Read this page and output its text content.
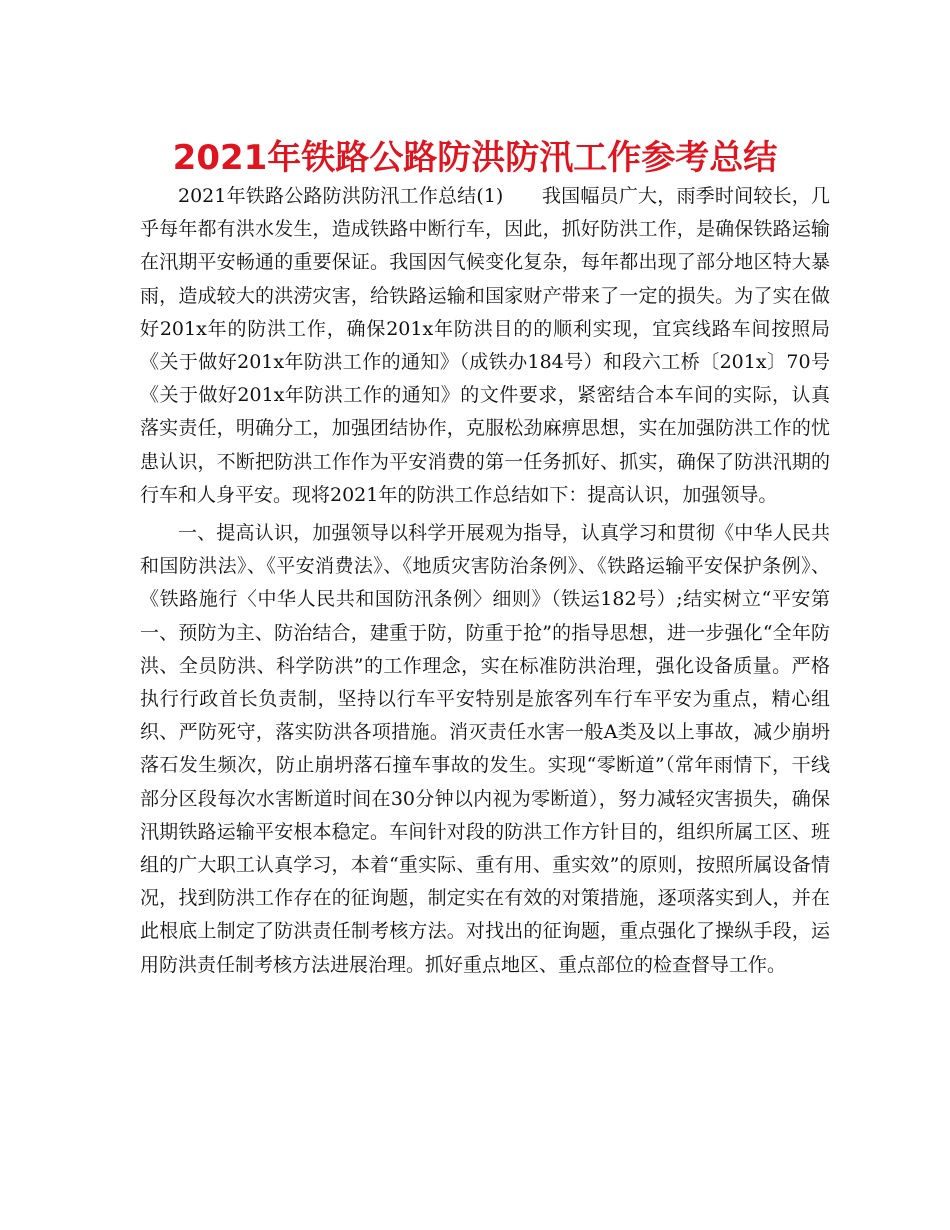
2021年铁路公路防洪防汛工作参考总结

2021年铁路公路防洪防汛工作总结(1)　　我国幅员广大，雨季时间较长，几乎每年都有洪水发生，造成铁路中断行车，因此，抓好防洪工作，是确保铁路运输在汛期平安畅通的重要保证。我国因气候变化复杂，每年都出现了部分地区特大暴雨，造成较大的洪涝灾害，给铁路运输和国家财产带来了一定的损失。为了实在做好201x年的防洪工作，确保201x年防洪目的的顺利实现，宜宾线路车间按照局《关于做好201x年防洪工作的通知》（成铁办184号）和段六工桥〔201x〕70号《关于做好201x年防洪工作的通知》的文件要求，紧密结合本车间的实际，认真落实责任，明确分工，加强团结协作，克服松劲麻痹思想，实在加强防洪工作的忧患认识，不断把防洪工作作为平安消费的第一任务抓好、抓实，确保了防洪汛期的行车和人身平安。现将2021年的防洪工作总结如下：提高认识，加强领导。

一、提高认识，加强领导以科学开展观为指导，认真学习和贯彻《中华人民共和国防洪法》、《平安消费法》、《地质灾害防治条例》、《铁路运输平安保护条例》、《铁路施行〈中华人民共和国防汛条例〉细则》（铁运182号）;结实树立“平安第一、预防为主、防治结合，建重于防，防重于抢”的指导思想，进一步强化“全年防洪、全员防洪、科学防洪”的工作理念，实在标准防洪治理，强化设备质量。严格执行行政首长负责制，坚持以行车平安特别是旅客列车行车平安为重点，精心组织、严防死守，落实防洪各项措施。消灭责任水害一般A类及以上事故，减少崩坍落石发生频次，防止崩坍落石撞车事故的发生。实现“零断道”（常年雨情下，干线部分区段每次水害断道时间在30分钟以内视为零断道），努力减轻灾害损失，确保汛期铁路运输平安根本稳定。车间针对段的防洪工作方针目的，组织所属工区、班组的广大职工认真学习，本着“重实际、重有用、重实效”的原则，按照所属设备情况，找到防洪工作存在的征询题，制定实在有效的对策措施，逐项落实到人，并在此根底上制定了防洪责任制考核方法。对找出的征询题，重点强化了操纵手段，运用防洪责任制考核方法进展治理。抓好重点地区、重点部位的检查督导工作。
